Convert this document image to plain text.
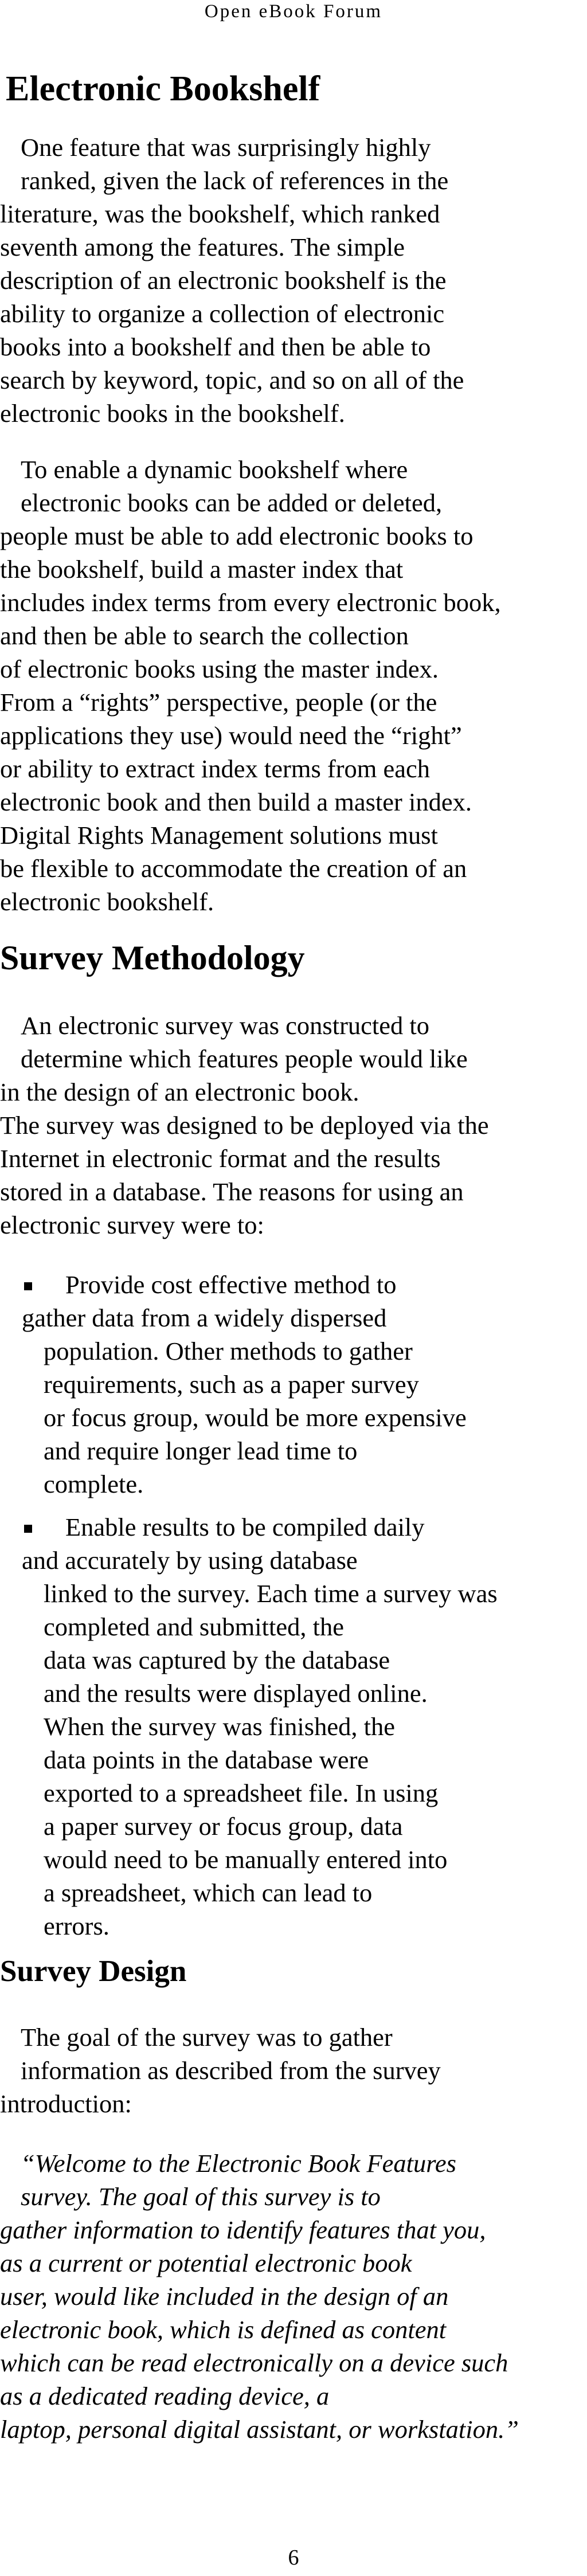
Open eBook Forum
Electronic Bookshelf
One feature that was surprisingly highly
ranked, given the lack of references in the
literature, was the bookshelf, which ranked
seventh among the features. The simple
description of an electronic bookshelf is the
ability to organize a collection of electronic
books into a bookshelf and then be able to
search by keyword, topic, and so on all of the
electronic books in the bookshelf.
To enable a dynamic bookshelf where
electronic books can be added or deleted,
people must be able to add electronic books to
the bookshelf, build a master index that
includes index terms from every electronic book,
and then be able to search the collection
of electronic books using the master index.
From a “rights” perspective, people (or the
applications they use) would need the “right”
or ability to extract index terms from each
electronic book and then build a master index.
Digital Rights Management solutions must
be flexible to accommodate the creation of an
electronic bookshelf.
Survey Methodology
An electronic survey was constructed to
determine which features people would like
in the design of an electronic book.
The survey was designed to be deployed via the
Internet in electronic format and the results
stored in a database. The reasons for using an
electronic survey were to:
Provide cost effective method to
gather data from a widely dispersed
population. Other methods to gather
requirements, such as a paper survey
or focus group, would be more expensive
and require longer lead time to
complete.
Enable results to be compiled daily
and accurately by using database
linked to the survey. Each time a survey was
completed and submitted, the
data was captured by the database
and the results were displayed online.
When the survey was finished, the
data points in the database were
exported to a spreadsheet file. In using
a paper survey or focus group, data
would need to be manually entered into
a spreadsheet, which can lead to
errors.
Survey Design
The goal of the survey was to gather
information as described from the survey
introduction:
“Welcome to the Electronic Book Features
survey. The goal of this survey is to
gather information to identify features that you,
as a current or potential electronic book
user, would like included in the design of an
electronic book, which is defined as content
which can be read electronically on a device such
as a dedicated reading device, a
laptop, personal digital assistant, or workstation.”
6
